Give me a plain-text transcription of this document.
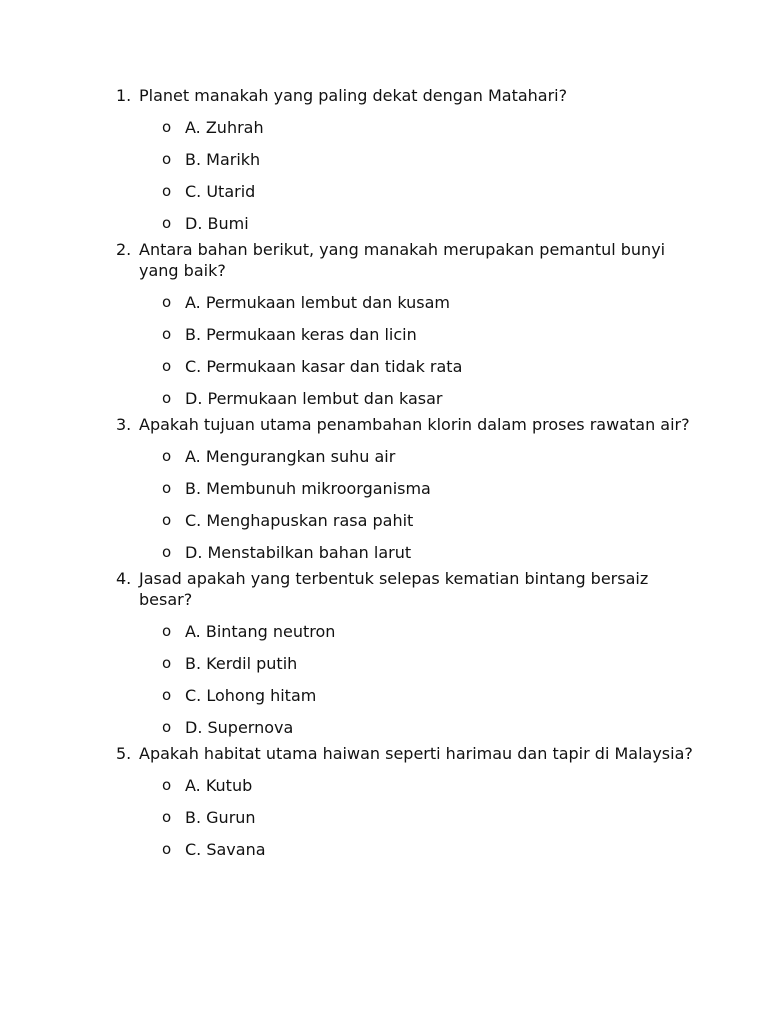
1. Planet manakah yang paling dekat dengan Matahari?
o A. Zuhrah
o B. Marikh
o C. Utarid
o D. Bumi
2. Antara bahan berikut, yang manakah merupakan pemantul bunyi yang baik?
o A. Permukaan lembut dan kusam
o B. Permukaan keras dan licin
o C. Permukaan kasar dan tidak rata
o D. Permukaan lembut dan kasar
3. Apakah tujuan utama penambahan klorin dalam proses rawatan air?
o A. Mengurangkan suhu air
o B. Membunuh mikroorganisma
o C. Menghapuskan rasa pahit
o D. Menstabilkan bahan larut
4. Jasad apakah yang terbentuk selepas kematian bintang bersaiz besar?
o A. Bintang neutron
o B. Kerdil putih
o C. Lohong hitam
o D. Supernova
5. Apakah habitat utama haiwan seperti harimau dan tapir di Malaysia?
o A. Kutub
o B. Gurun
o C. Savana
